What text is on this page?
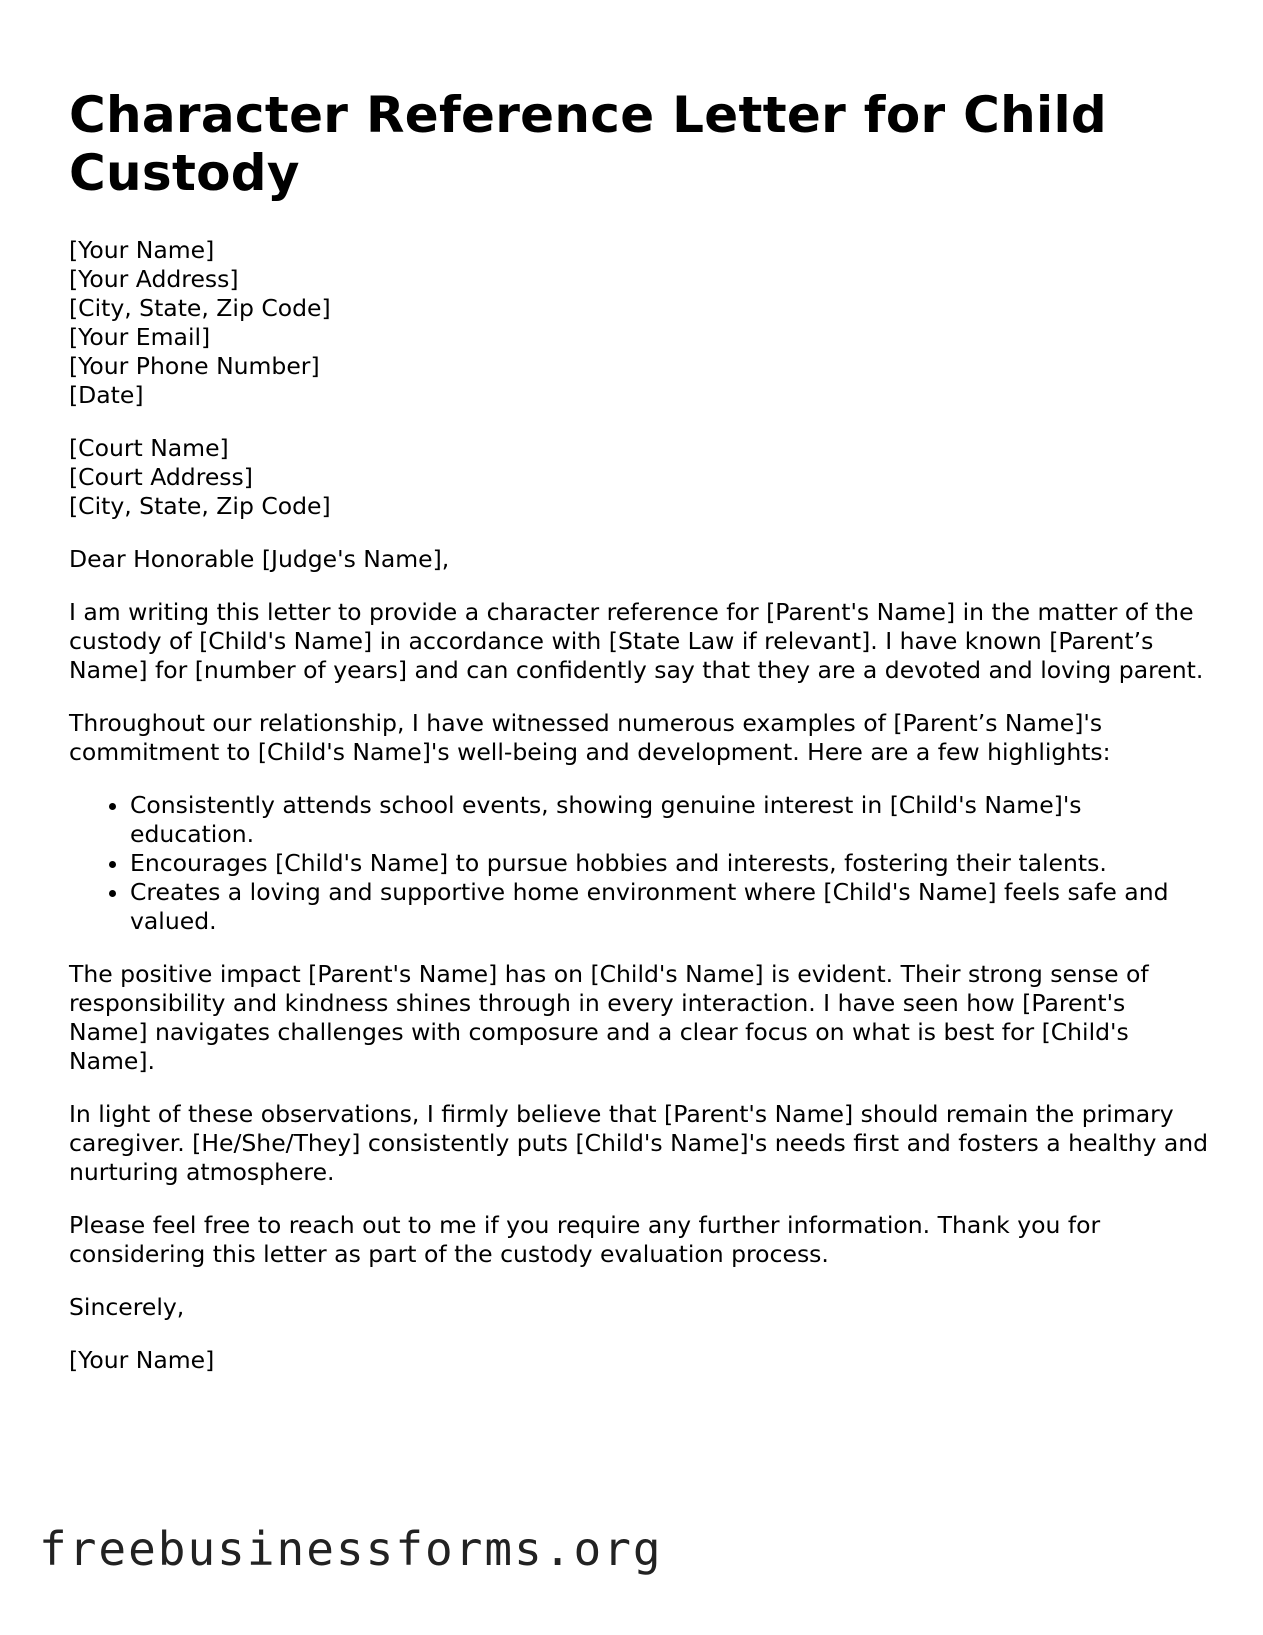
Character Reference Letter for Child Custody
[Your Name]
[Your Address]
[City, State, Zip Code]
[Your Email]
[Your Phone Number]
[Date]
[Court Name]
[Court Address]
[City, State, Zip Code]

Dear Honorable [Judge's Name],

I am writing this letter to provide a character reference for [Parent's Name] in the matter of the custody of [Child's Name] in accordance with [State Law if relevant]. I have known [Parent’s Name] for [number of years] and can confidently say that they are a devoted and loving parent.

Throughout our relationship, I have witnessed numerous examples of [Parent’s Name]'s commitment to [Child's Name]'s well-being and development. Here are a few highlights:

• Consistently attends school events, showing genuine interest in [Child's Name]'s education.
• Encourages [Child's Name] to pursue hobbies and interests, fostering their talents.
• Creates a loving and supportive home environment where [Child's Name] feels safe and valued.

The positive impact [Parent's Name] has on [Child's Name] is evident. Their strong sense of responsibility and kindness shines through in every interaction. I have seen how [Parent's Name] navigates challenges with composure and a clear focus on what is best for [Child's Name].

In light of these observations, I firmly believe that [Parent's Name] should remain the primary caregiver. [He/She/They] consistently puts [Child's Name]'s needs first and fosters a healthy and nurturing atmosphere.

Please feel free to reach out to me if you require any further information. Thank you for considering this letter as part of the custody evaluation process.

Sincerely,

[Your Name]

freebusinessforms.org
